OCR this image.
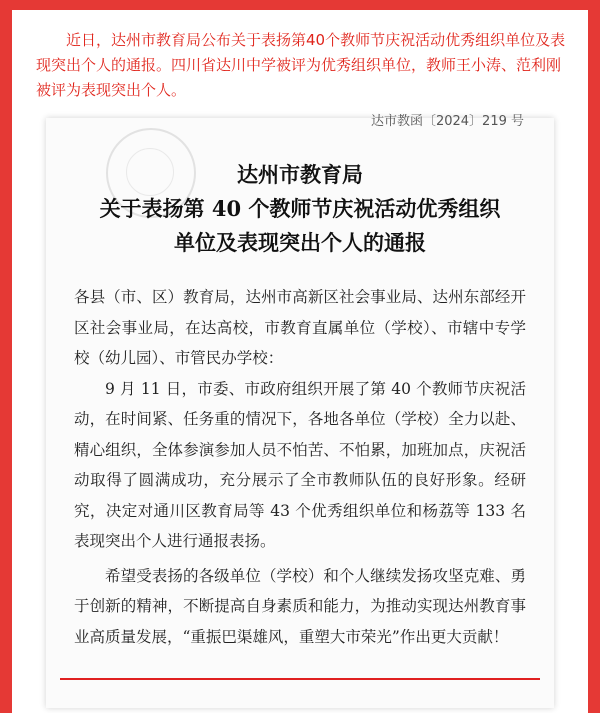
近日，达州市教育局公布关于表扬第40个教师节庆祝活动优秀组织单位及表现突出个人的通报。四川省达川中学被评为优秀组织单位，教师王小涛、范利刚被评为表现突出个人。

达市教函〔2024〕219 号
达州市教育局
关于表扬第 40 个教师节庆祝活动优秀组织
单位及表现突出个人的通报

各县（市、区）教育局，达州市高新区社会事业局、达州东部经开区社会事业局，在达高校，市教育直属单位（学校）、市辖中专学校（幼儿园）、市管民办学校：

9 月 11 日，市委、市政府组织开展了第 40 个教师节庆祝活动，在时间紧、任务重的情况下，各地各单位（学校）全力以赴、精心组织，全体参演参加人员不怕苦、不怕累，加班加点，庆祝活动取得了圆满成功，充分展示了全市教师队伍的良好形象。经研究，决定对通川区教育局等 43 个优秀组织单位和杨荔等 133 名表现突出个人进行通报表扬。

希望受表扬的各级单位（学校）和个人继续发扬攻坚克难、勇于创新的精神，不断提高自身素质和能力，为推动实现达州教育事业高质量发展，“重振巴渠雄风，重塑大市荣光”作出更大贡献！
